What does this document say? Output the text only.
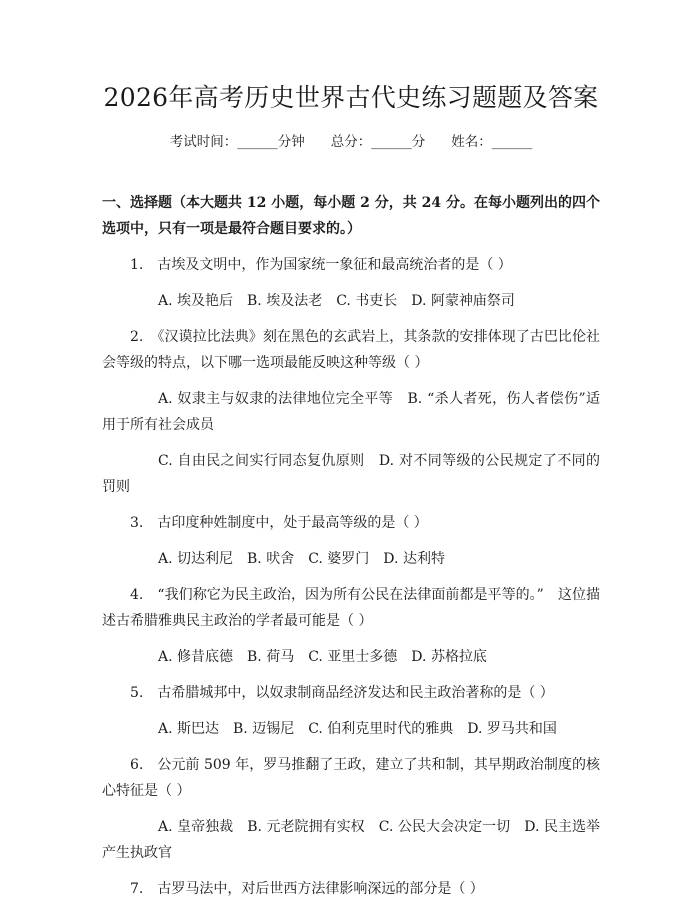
2026年高考历史世界古代史练习题题及答案
考试时间：______分钟 总分：______分 姓名：______
一、选择题（本大题共 12 小题，每小题 2 分，共 24 分。在每小题列出的四个选项中，只有一项是最符合题目要求的。）
1.　古埃及文明中，作为国家统一象征和最高统治者的是（ ）
A. 埃及艳后　B. 埃及法老　C. 书吏长　D. 阿蒙神庙祭司
2.　《汉谟拉比法典》刻在黑色的玄武岩上，其条款的安排体现了古巴比伦社会等级的特点，以下哪一选项最能反映这种等级（ ）
A. 奴隶主与奴隶的法律地位完全平等　B. “杀人者死，伤人者偿伤”适用于所有社会成员
C. 自由民之间实行同态复仇原则　D. 对不同等级的公民规定了不同的罚则
3.　古印度种姓制度中，处于最高等级的是（ ）
A. 切达利尼　B. 吠舍　C. 婆罗门　D. 达利特
4.　“我们称它为民主政治，因为所有公民在法律面前都是平等的。”　这位描述古希腊雅典民主政治的学者最可能是（ ）
A. 修昔底德　B. 荷马　C. 亚里士多德　D. 苏格拉底
5.　古希腊城邦中，以奴隶制商品经济发达和民主政治著称的是（ ）
A. 斯巴达　B. 迈锡尼　C. 伯利克里时代的雅典　D. 罗马共和国
6.　公元前 509 年，罗马推翻了王政，建立了共和制，其早期政治制度的核心特征是（ ）
A. 皇帝独裁　B. 元老院拥有实权　C. 公民大会决定一切　D. 民主选举产生执政官
7.　古罗马法中，对后世西方法律影响深远的部分是（ ）
